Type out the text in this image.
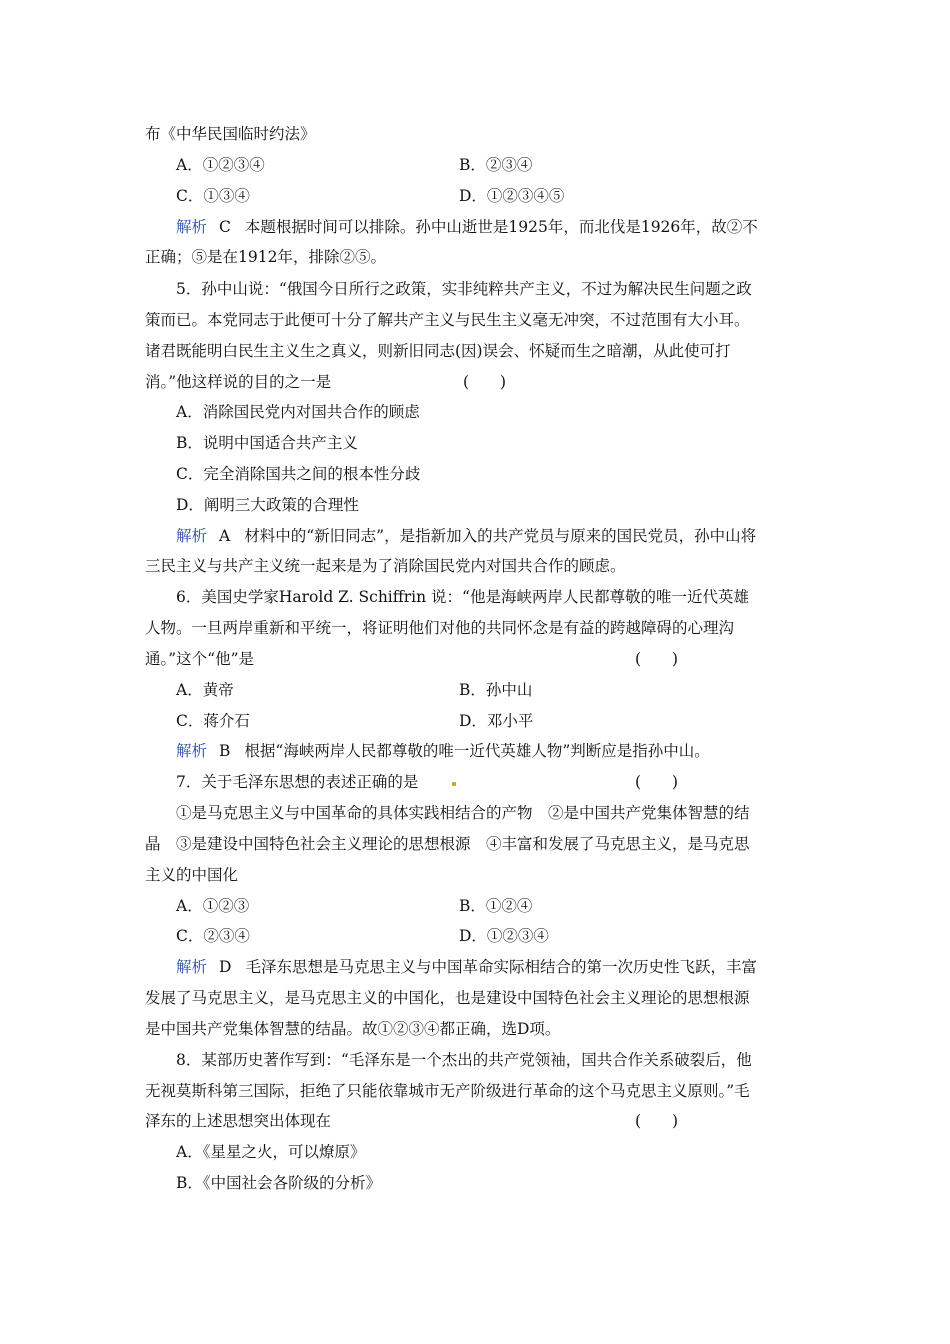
布《中华民国临时约法》
A．①②③④	B．②③④
C．①③④	D．①②③④⑤
解析 C 本题根据时间可以排除。孙中山逝世是1925年，而北伐是1926年，故②不
正确；⑤是在1912年，排除②⑤。
5．孙中山说：“俄国今日所行之政策，实非纯粹共产主义，不过为解决民生问题之政
策而已。本党同志于此便可十分了解共产主义与民生主义毫无冲突，不过范围有大小耳。
诸君既能明白民生主义生之真义，则新旧同志(因)误会、怀疑而生之暗潮，从此使可打
消。”他这样说的目的之一是	(　　)
A．消除国民党内对国共合作的顾虑
B．说明中国适合共产主义
C．完全消除国共之间的根本性分歧
D．阐明三大政策的合理性
解析 A 材料中的“新旧同志”，是指新加入的共产党员与原来的国民党员，孙中山将
三民主义与共产主义统一起来是为了消除国民党内对国共合作的顾虑。
6．美国史学家Harold Z. Schiffrin 说：“他是海峡两岸人民都尊敬的唯一近代英雄
人物。一旦两岸重新和平统一，将证明他们对他的共同怀念是有益的跨越障碍的心理沟
通。”这个“他”是	(　　)
A．黄帝	B．孙中山
C．蒋介石	D．邓小平
解析 B 根据“海峡两岸人民都尊敬的唯一近代英雄人物”判断应是指孙中山。
7．关于毛泽东思想的表述正确的是	(　　)
①是马克思主义与中国革命的具体实践相结合的产物　②是中国共产党集体智慧的结
晶　③是建设中国特色社会主义理论的思想根源　④丰富和发展了马克思主义，是马克思
主义的中国化
A．①②③	B．①②④
C．②③④	D．①②③④
解析 D 毛泽东思想是马克思主义与中国革命实际相结合的第一次历史性飞跃，丰富
发展了马克思主义，是马克思主义的中国化，也是建设中国特色社会主义理论的思想根源
是中国共产党集体智慧的结晶。故①②③④都正确，选D项。
8．某部历史著作写到：“毛泽东是一个杰出的共产党领袖，国共合作关系破裂后，他
无视莫斯科第三国际，拒绝了只能依靠城市无产阶级进行革命的这个马克思主义原则。”毛
泽东的上述思想突出体现在	(　　)
A．《星星之火，可以燎原》
B．《中国社会各阶级的分析》
